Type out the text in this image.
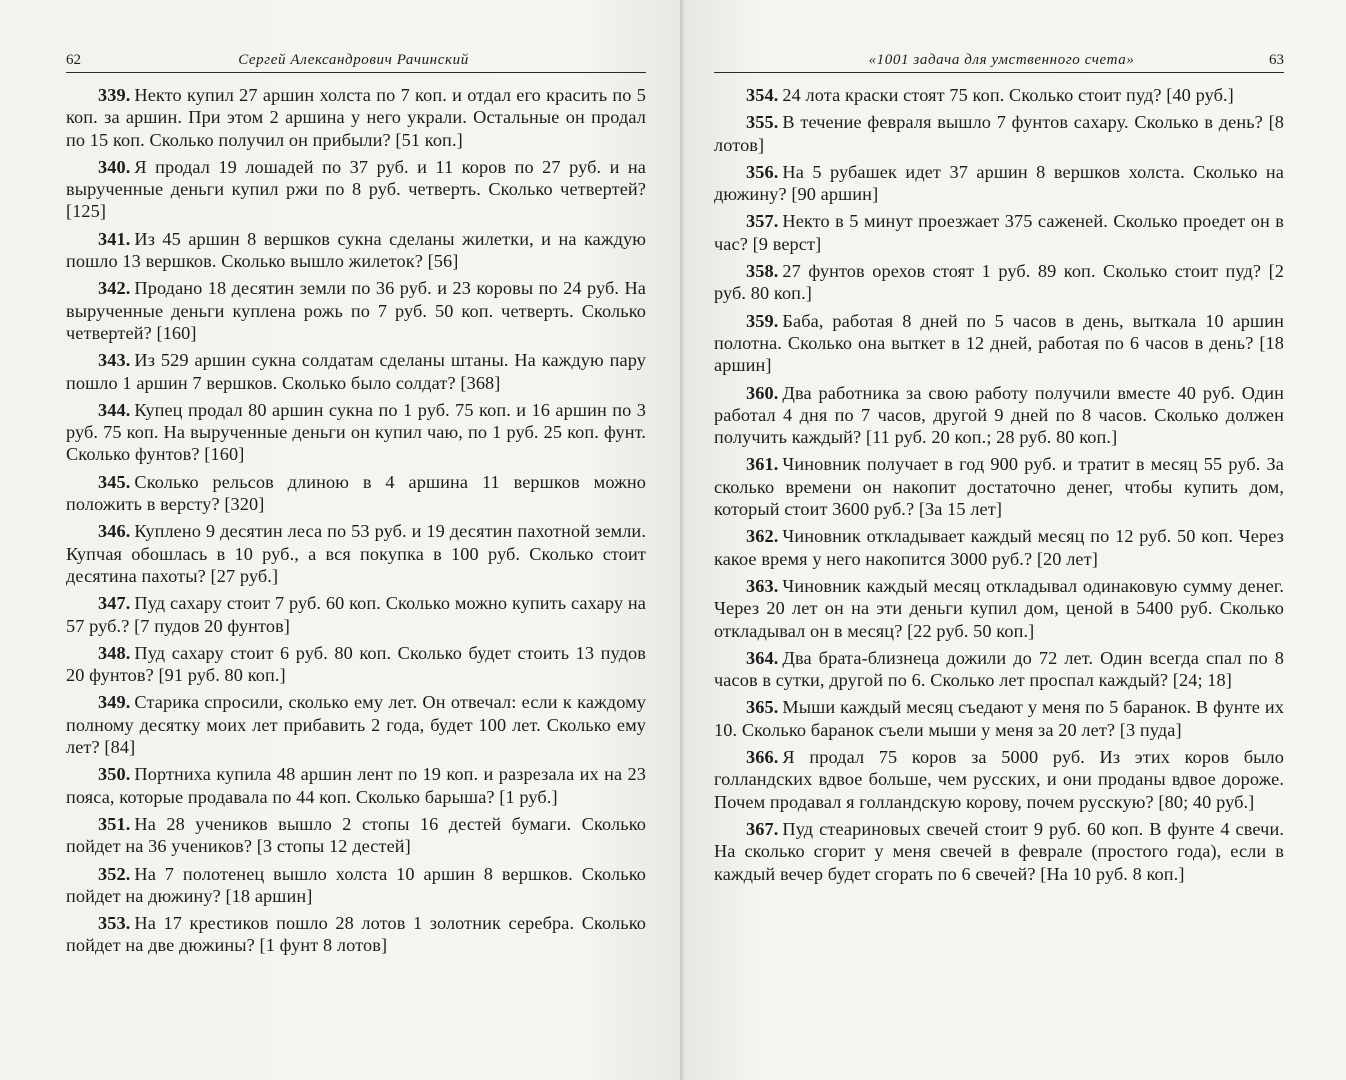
62	Сергей Александрович Рачинский

339. Некто купил 27 аршин холста по 7 коп. и отдал его красить по 5 коп. за аршин. При этом 2 аршина у него украли. Остальные он продал по 15 коп. Сколько получил он прибыли? [51 коп.]

340. Я продал 19 лошадей по 37 руб. и 11 коров по 27 руб. и на вырученные деньги купил ржи по 8 руб. четверть. Сколько четвертей? [125]

341. Из 45 аршин 8 вершков сукна сделаны жилетки, и на каждую пошло 13 вершков. Сколько вышло жилеток? [56]

342. Продано 18 десятин земли по 36 руб. и 23 коровы по 24 руб. На вырученные деньги куплена рожь по 7 руб. 50 коп. четверть. Сколько четвертей? [160]

343. Из 529 аршин сукна солдатам сделаны штаны. На каждую пару пошло 1 аршин 7 вершков. Сколько было солдат? [368]

344. Купец продал 80 аршин сукна по 1 руб. 75 коп. и 16 аршин по 3 руб. 75 коп. На вырученные деньги он купил чаю, по 1 руб. 25 коп. фунт. Сколько фунтов? [160]

345. Сколько рельсов длиною в 4 аршина 11 вершков можно положить в версту? [320]

346. Куплено 9 десятин леса по 53 руб. и 19 десятин пахотной земли. Купчая обошлась в 10 руб., а вся покупка в 100 руб. Сколько стоит десятина пахоты? [27 руб.]

347. Пуд сахару стоит 7 руб. 60 коп. Сколько можно купить сахару на 57 руб.? [7 пудов 20 фунтов]

348. Пуд сахару стоит 6 руб. 80 коп. Сколько будет стоить 13 пудов 20 фунтов? [91 руб. 80 коп.]

349. Старика спросили, сколько ему лет. Он отвечал: если к каждому полному десятку моих лет прибавить 2 года, будет 100 лет. Сколько ему лет? [84]

350. Портниха купила 48 аршин лент по 19 коп. и разрезала их на 23 пояса, которые продавала по 44 коп. Сколько барыша? [1 руб.]

351. На 28 учеников вышло 2 стопы 16 дестей бумаги. Сколько пойдет на 36 учеников? [3 стопы 12 дестей]

352. На 7 полотенец вышло холста 10 аршин 8 вершков. Сколько пойдет на дюжину? [18 аршин]

353. На 17 крестиков пошло 28 лотов 1 золотник серебра. Сколько пойдет на две дюжины? [1 фунт 8 лотов]

«1001 задача для умственного счета»	63

354. 24 лота краски стоят 75 коп. Сколько стоит пуд? [40 руб.]

355. В течение февраля вышло 7 фунтов сахару. Сколько в день? [8 лотов]

356. На 5 рубашек идет 37 аршин 8 вершков холста. Сколько на дюжину? [90 аршин]

357. Некто в 5 минут проезжает 375 саженей. Сколько проедет он в час? [9 верст]

358. 27 фунтов орехов стоят 1 руб. 89 коп. Сколько стоит пуд? [2 руб. 80 коп.]

359. Баба, работая 8 дней по 5 часов в день, выткала 10 аршин полотна. Сколько она выткет в 12 дней, работая по 6 часов в день? [18 аршин]

360. Два работника за свою работу получили вместе 40 руб. Один работал 4 дня по 7 часов, другой 9 дней по 8 часов. Сколько должен получить каждый? [11 руб. 20 коп.; 28 руб. 80 коп.]

361. Чиновник получает в год 900 руб. и тратит в месяц 55 руб. За сколько времени он накопит достаточно денег, чтобы купить дом, который стоит 3600 руб.? [За 15 лет]

362. Чиновник откладывает каждый месяц по 12 руб. 50 коп. Через какое время у него накопится 3000 руб.? [20 лет]

363. Чиновник каждый месяц откладывал одинаковую сумму денег. Через 20 лет он на эти деньги купил дом, ценой в 5400 руб. Сколько откладывал он в месяц? [22 руб. 50 коп.]

364. Два брата-близнеца дожили до 72 лет. Один всегда спал по 8 часов в сутки, другой по 6. Сколько лет проспал каждый? [24; 18]

365. Мыши каждый месяц съедают у меня по 5 баранок. В фунте их 10. Сколько баранок съели мыши у меня за 20 лет? [3 пуда]

366. Я продал 75 коров за 5000 руб. Из этих коров было голландских вдвое больше, чем русских, и они проданы вдвое дороже. Почем продавал я голландскую корову, почем русскую? [80; 40 руб.]

367. Пуд стеариновых свечей стоит 9 руб. 60 коп. В фунте 4 свечи. На сколько сгорит у меня свечей в феврале (простого года), если в каждый вечер будет сгорать по 6 свечей? [На 10 руб. 8 коп.]
